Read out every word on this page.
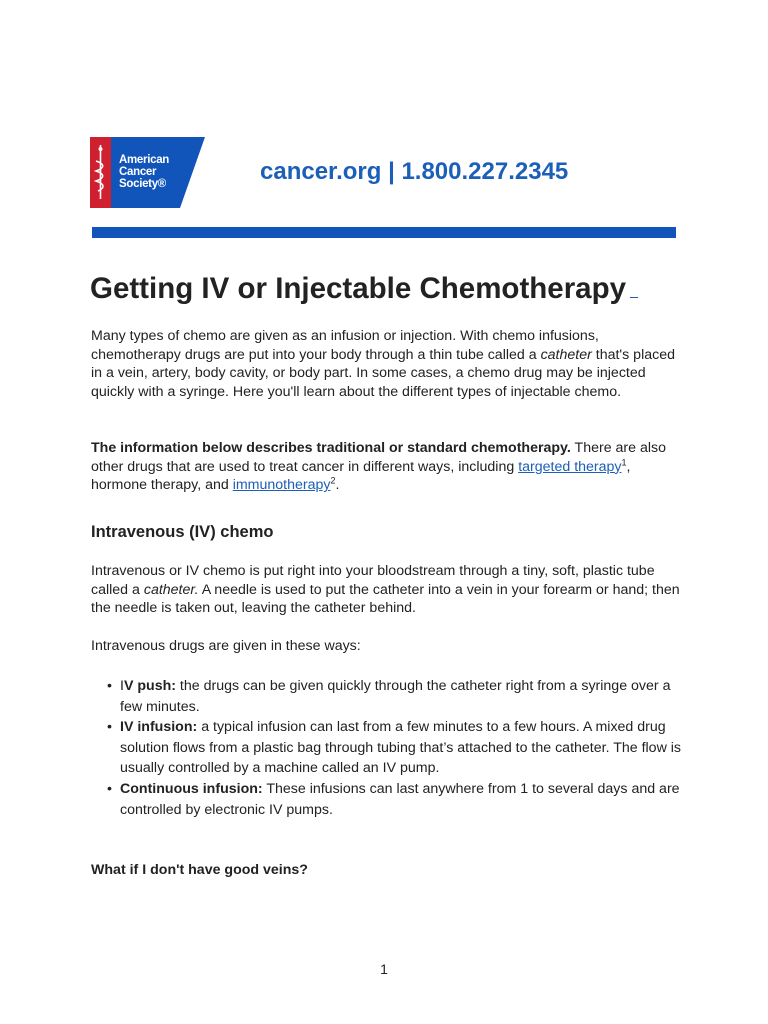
American
Cancer
Society®	cancer.org | 1.800.227.2345
Getting IV or Injectable Chemotherapy

Many types of chemo are given as an infusion or injection. With chemo infusions, chemotherapy drugs are put into your body through a thin tube called a catheter that's placed in a vein, artery, body cavity, or body part. In some cases, a chemo drug may be injected quickly with a syringe. Here you'll learn about the different types of injectable chemo.

The information below describes traditional or standard chemotherapy. There are also other drugs that are used to treat cancer in different ways, including targeted therapy$^1$, hormone therapy, and immunotherapy$^2$.

Intravenous (IV) chemo

Intravenous or IV chemo is put right into your bloodstream through a tiny, soft, plastic tube called a catheter. A needle is used to put the catheter into a vein in your forearm or hand; then the needle is taken out, leaving the catheter behind.

Intravenous drugs are given in these ways:

• IV push: the drugs can be given quickly through the catheter right from a syringe over a few minutes.
• IV infusion: a typical infusion can last from a few minutes to a few hours. A mixed drug solution flows from a plastic bag through tubing that’s attached to the catheter. The flow is usually controlled by a machine called an IV pump.
• Continuous infusion: These infusions can last anywhere from 1 to several days and are controlled by electronic IV pumps.
What if I don't have good veins?
1
